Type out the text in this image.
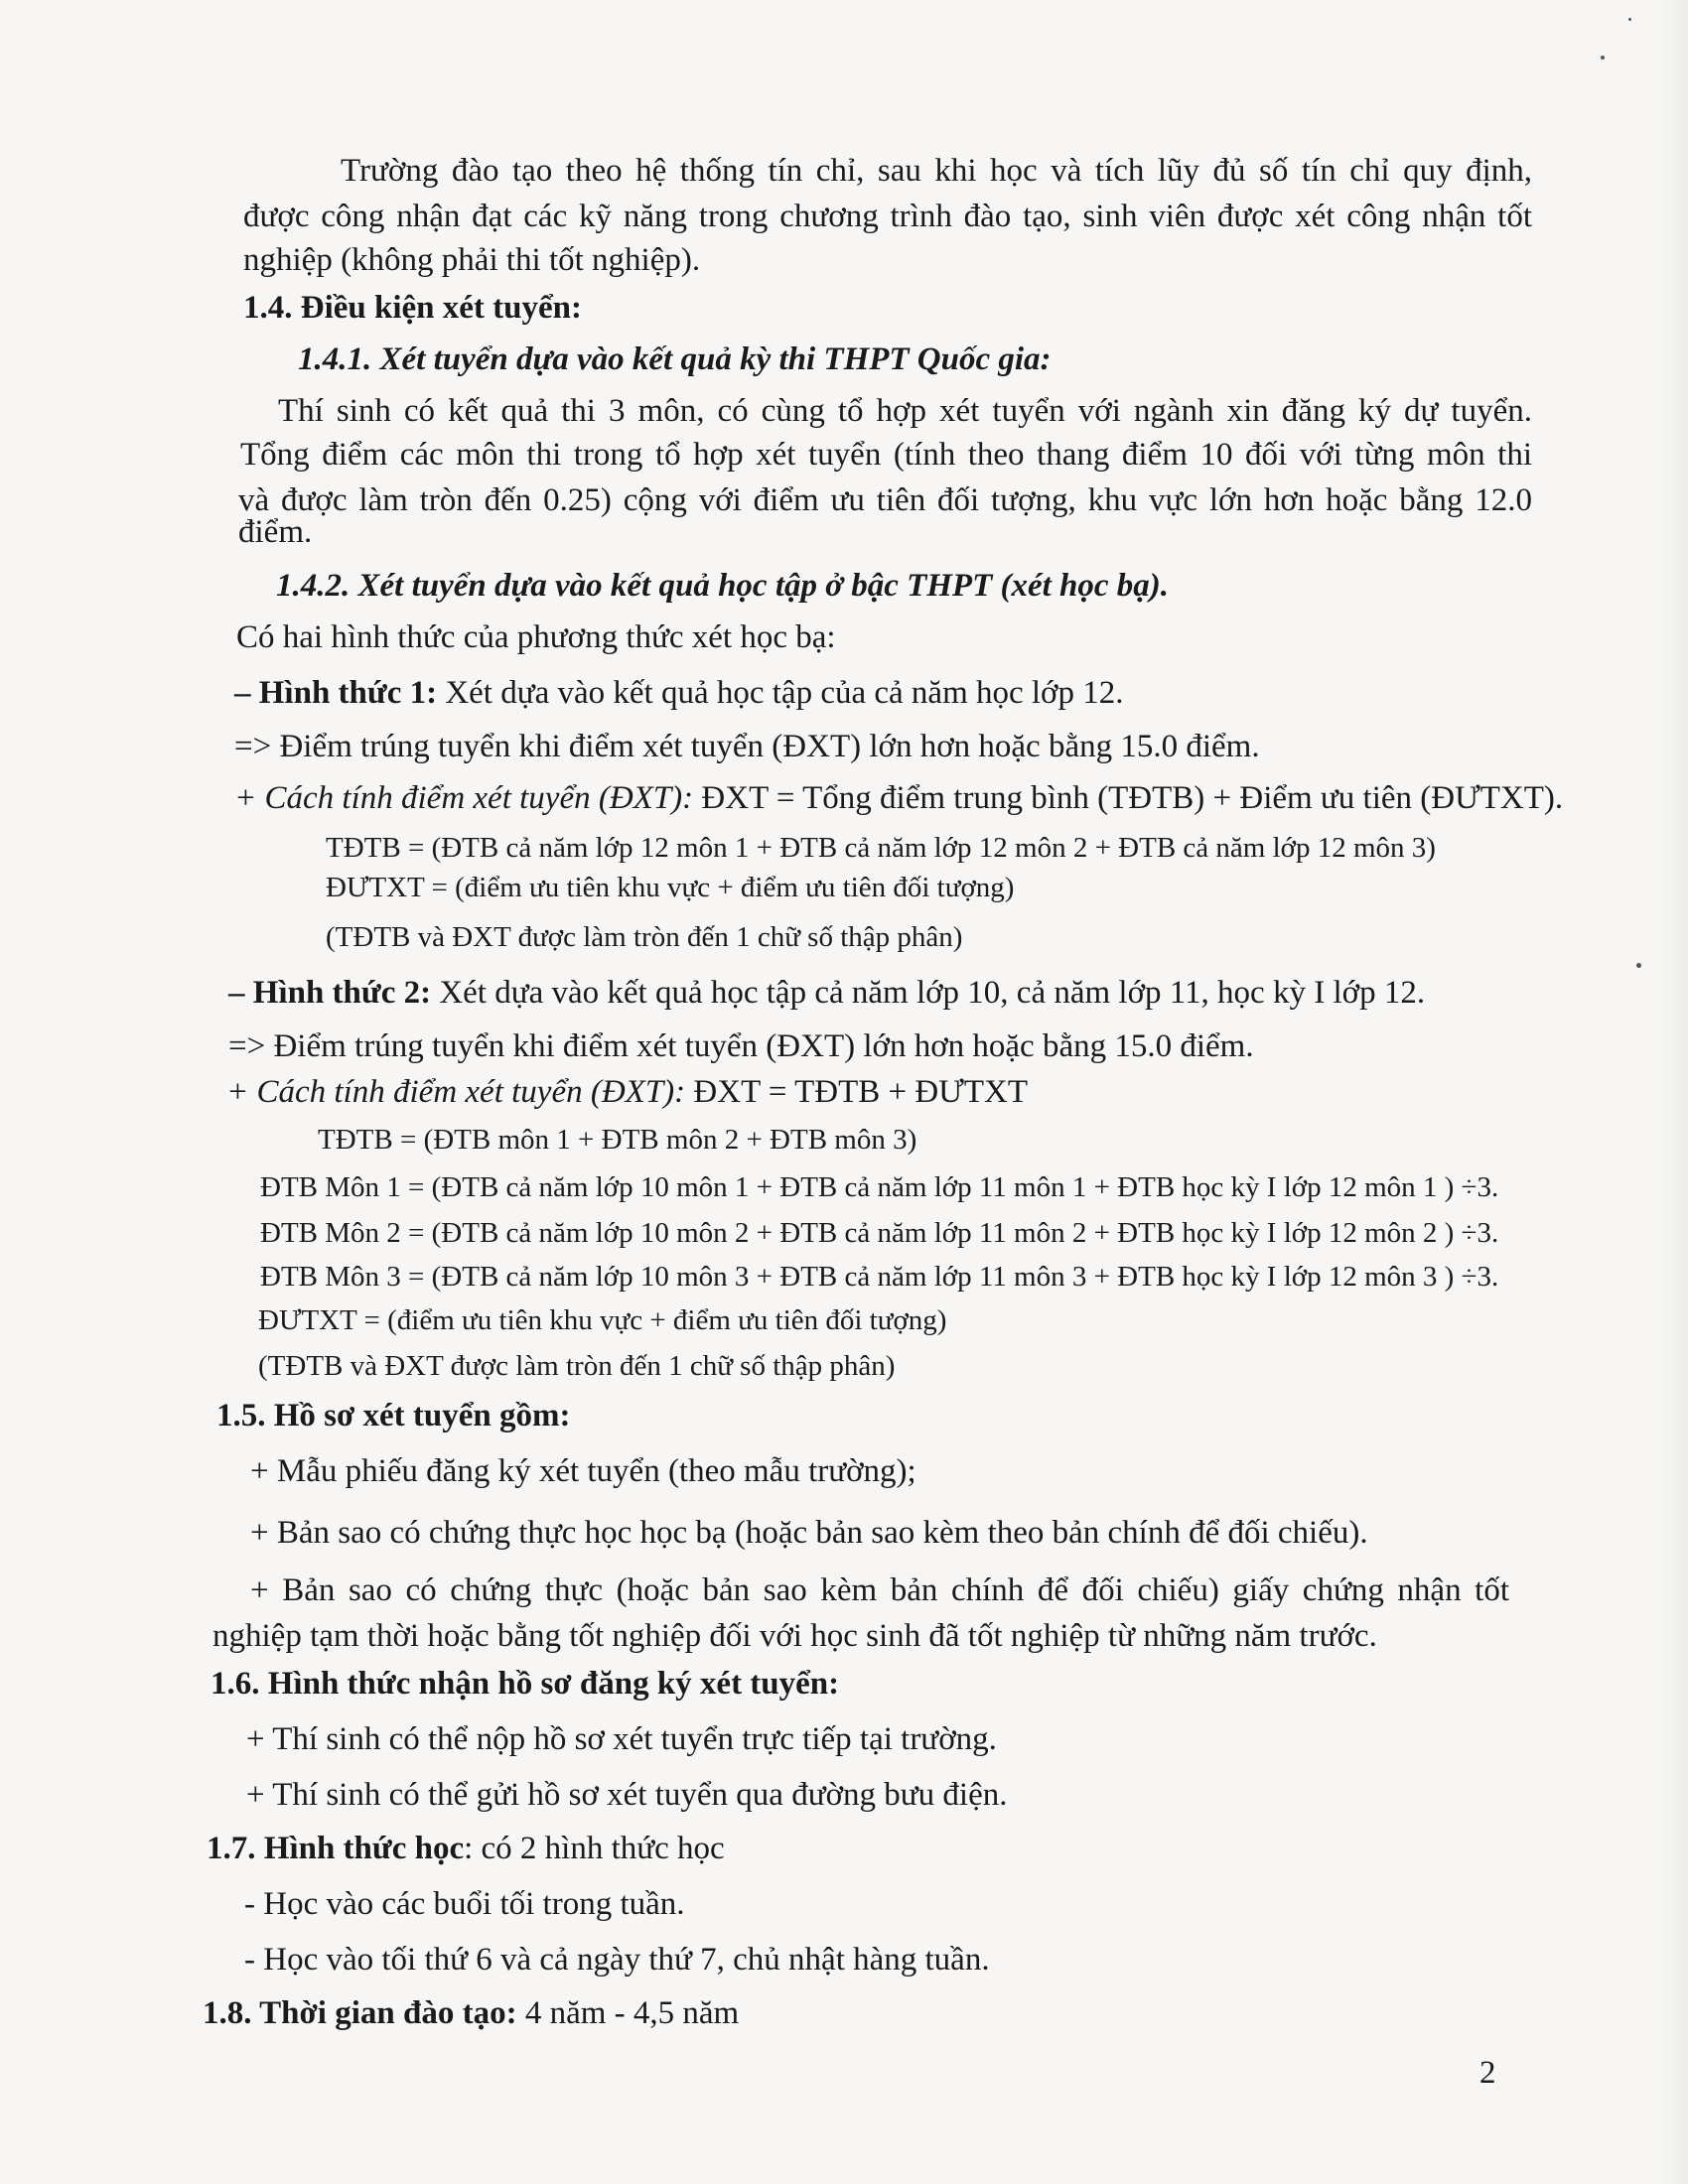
Trường đào tạo theo hệ thống tín chỉ, sau khi học và tích lũy đủ số tín chỉ quy định,
được công nhận đạt các kỹ năng trong chương trình đào tạo, sinh viên được xét công nhận tốt
nghiệp (không phải thi tốt nghiệp).
1.4. Điều kiện xét tuyển:
1.4.1. Xét tuyển dựa vào kết quả kỳ thi THPT Quốc gia:
Thí sinh có kết quả thi 3 môn, có cùng tổ hợp xét tuyển với ngành xin đăng ký dự tuyển.
Tổng điểm các môn thi trong tổ hợp xét tuyển (tính theo thang điểm 10 đối với từng môn thi
và được làm tròn đến 0.25) cộng với điểm ưu tiên đối tượng, khu vực lớn hơn hoặc bằng 12.0
điểm.
1.4.2. Xét tuyển dựa vào kết quả học tập ở bậc THPT (xét học bạ).
Có hai hình thức của phương thức xét học bạ:
– Hình thức 1: Xét dựa vào kết quả học tập của cả năm học lớp 12.
=> Điểm trúng tuyển khi điểm xét tuyển (ĐXT) lớn hơn hoặc bằng 15.0 điểm.
+ Cách tính điểm xét tuyển (ĐXT): ĐXT = Tổng điểm trung bình (TĐTB) + Điểm ưu tiên (ĐƯTXT).
TĐTB = (ĐTB cả năm lớp 12 môn 1 + ĐTB cả năm lớp 12 môn 2 + ĐTB cả năm lớp 12 môn 3)
ĐƯTXT = (điểm ưu tiên khu vực + điểm ưu tiên đối tượng)
(TĐTB và ĐXT được làm tròn đến 1 chữ số thập phân)
– Hình thức 2: Xét dựa vào kết quả học tập cả năm lớp 10, cả năm lớp 11, học kỳ I lớp 12.
=> Điểm trúng tuyển khi điểm xét tuyển (ĐXT) lớn hơn hoặc bằng 15.0 điểm.
+ Cách tính điểm xét tuyển (ĐXT): ĐXT = TĐTB + ĐƯTXT
TĐTB = (ĐTB môn 1 + ĐTB môn 2 + ĐTB môn 3)
ĐTB Môn 1 = (ĐTB cả năm lớp 10 môn 1 + ĐTB cả năm lớp 11 môn 1 + ĐTB học kỳ I lớp 12 môn 1 ) ÷3.
ĐTB Môn 2 = (ĐTB cả năm lớp 10 môn 2 + ĐTB cả năm lớp 11 môn 2 + ĐTB học kỳ I lớp 12 môn 2 ) ÷3.
ĐTB Môn 3 = (ĐTB cả năm lớp 10 môn 3 + ĐTB cả năm lớp 11 môn 3 + ĐTB học kỳ I lớp 12 môn 3 ) ÷3.
ĐƯTXT = (điểm ưu tiên khu vực + điểm ưu tiên đối tượng)
(TĐTB và ĐXT được làm tròn đến 1 chữ số thập phân)
1.5. Hồ sơ xét tuyển gồm:
+ Mẫu phiếu đăng ký xét tuyển (theo mẫu trường);
+ Bản sao có chứng thực học học bạ (hoặc bản sao kèm theo bản chính để đối chiếu).
+ Bản sao có chứng thực (hoặc bản sao kèm bản chính để đối chiếu) giấy chứng nhận tốt
nghiệp tạm thời hoặc bằng tốt nghiệp đối với học sinh đã tốt nghiệp từ những năm trước.
1.6. Hình thức nhận hồ sơ đăng ký xét tuyển:
+ Thí sinh có thể nộp hồ sơ xét tuyển trực tiếp tại trường.
+ Thí sinh có thể gửi hồ sơ xét tuyển qua đường bưu điện.
1.7. Hình thức học: có 2 hình thức học
- Học vào các buổi tối trong tuần.
- Học vào tối thứ 6 và cả ngày thứ 7, chủ nhật hàng tuần.
1.8. Thời gian đào tạo: 4 năm - 4,5 năm
2
